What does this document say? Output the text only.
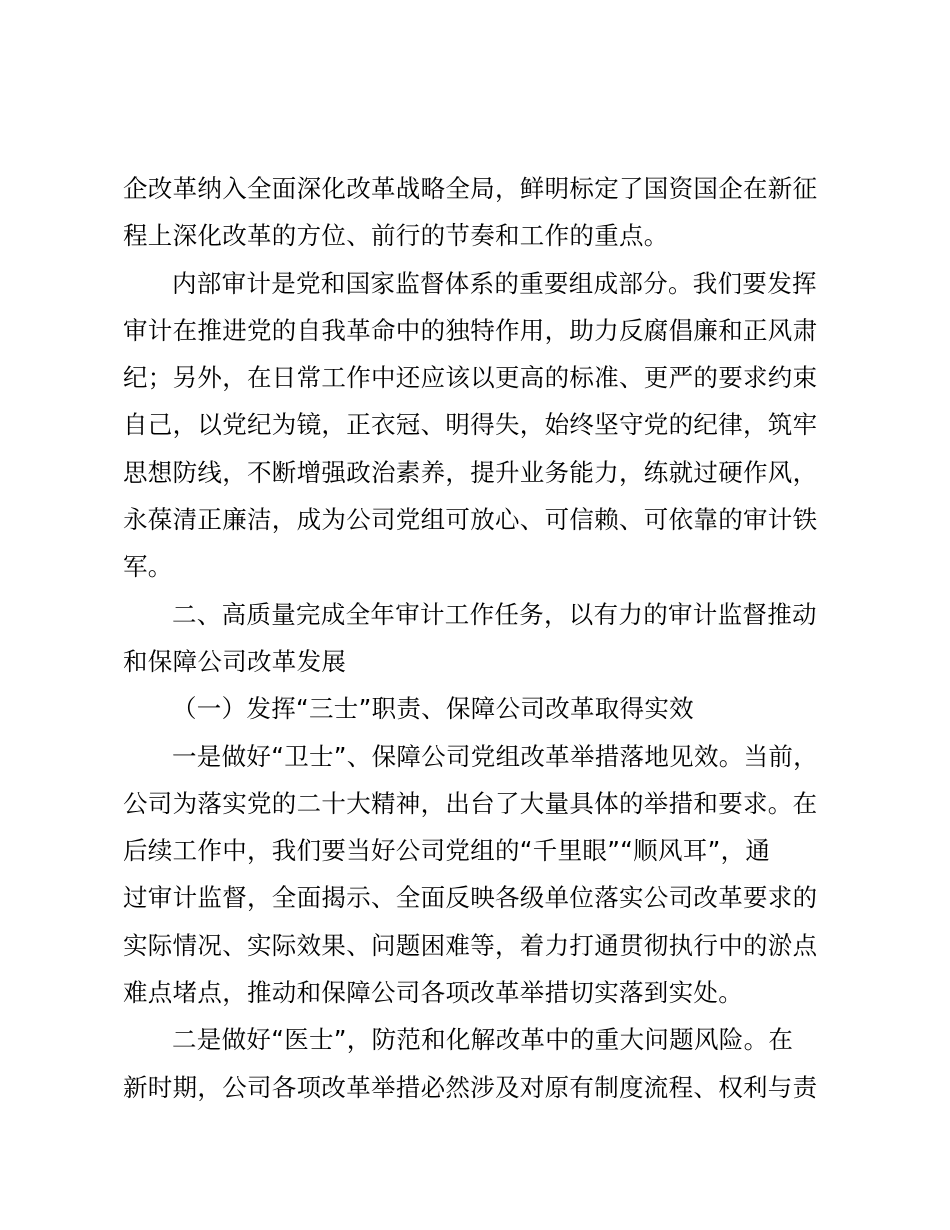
企改革纳入全面深化改革战略全局，鲜明标定了国资国企在新征
程上深化改革的方位、前行的节奏和工作的重点。
内部审计是党和国家监督体系的重要组成部分。我们要发挥
审计在推进党的自我革命中的独特作用，助力反腐倡廉和正风肃
纪；另外，在日常工作中还应该以更高的标准、更严的要求约束
自己，以党纪为镜，正衣冠、明得失，始终坚守党的纪律，筑牢
思想防线，不断增强政治素养，提升业务能力，练就过硬作风，
永葆清正廉洁，成为公司党组可放心、可信赖、可依靠的审计铁
军。
二、高质量完成全年审计工作任务，以有力的审计监督推动
和保障公司改革发展
（一）发挥“三士”职责、保障公司改革取得实效
一是做好“卫士”、保障公司党组改革举措落地见效。当前，
公司为落实党的二十大精神，出台了大量具体的举措和要求。在
后续工作中，我们要当好公司党组的“千里眼”“顺风耳”，通
过审计监督，全面揭示、全面反映各级单位落实公司改革要求的
实际情况、实际效果、问题困难等，着力打通贯彻执行中的淤点
难点堵点，推动和保障公司各项改革举措切实落到实处。
二是做好“医士”，防范和化解改革中的重大问题风险。在
新时期，公司各项改革举措必然涉及对原有制度流程、权利与责
